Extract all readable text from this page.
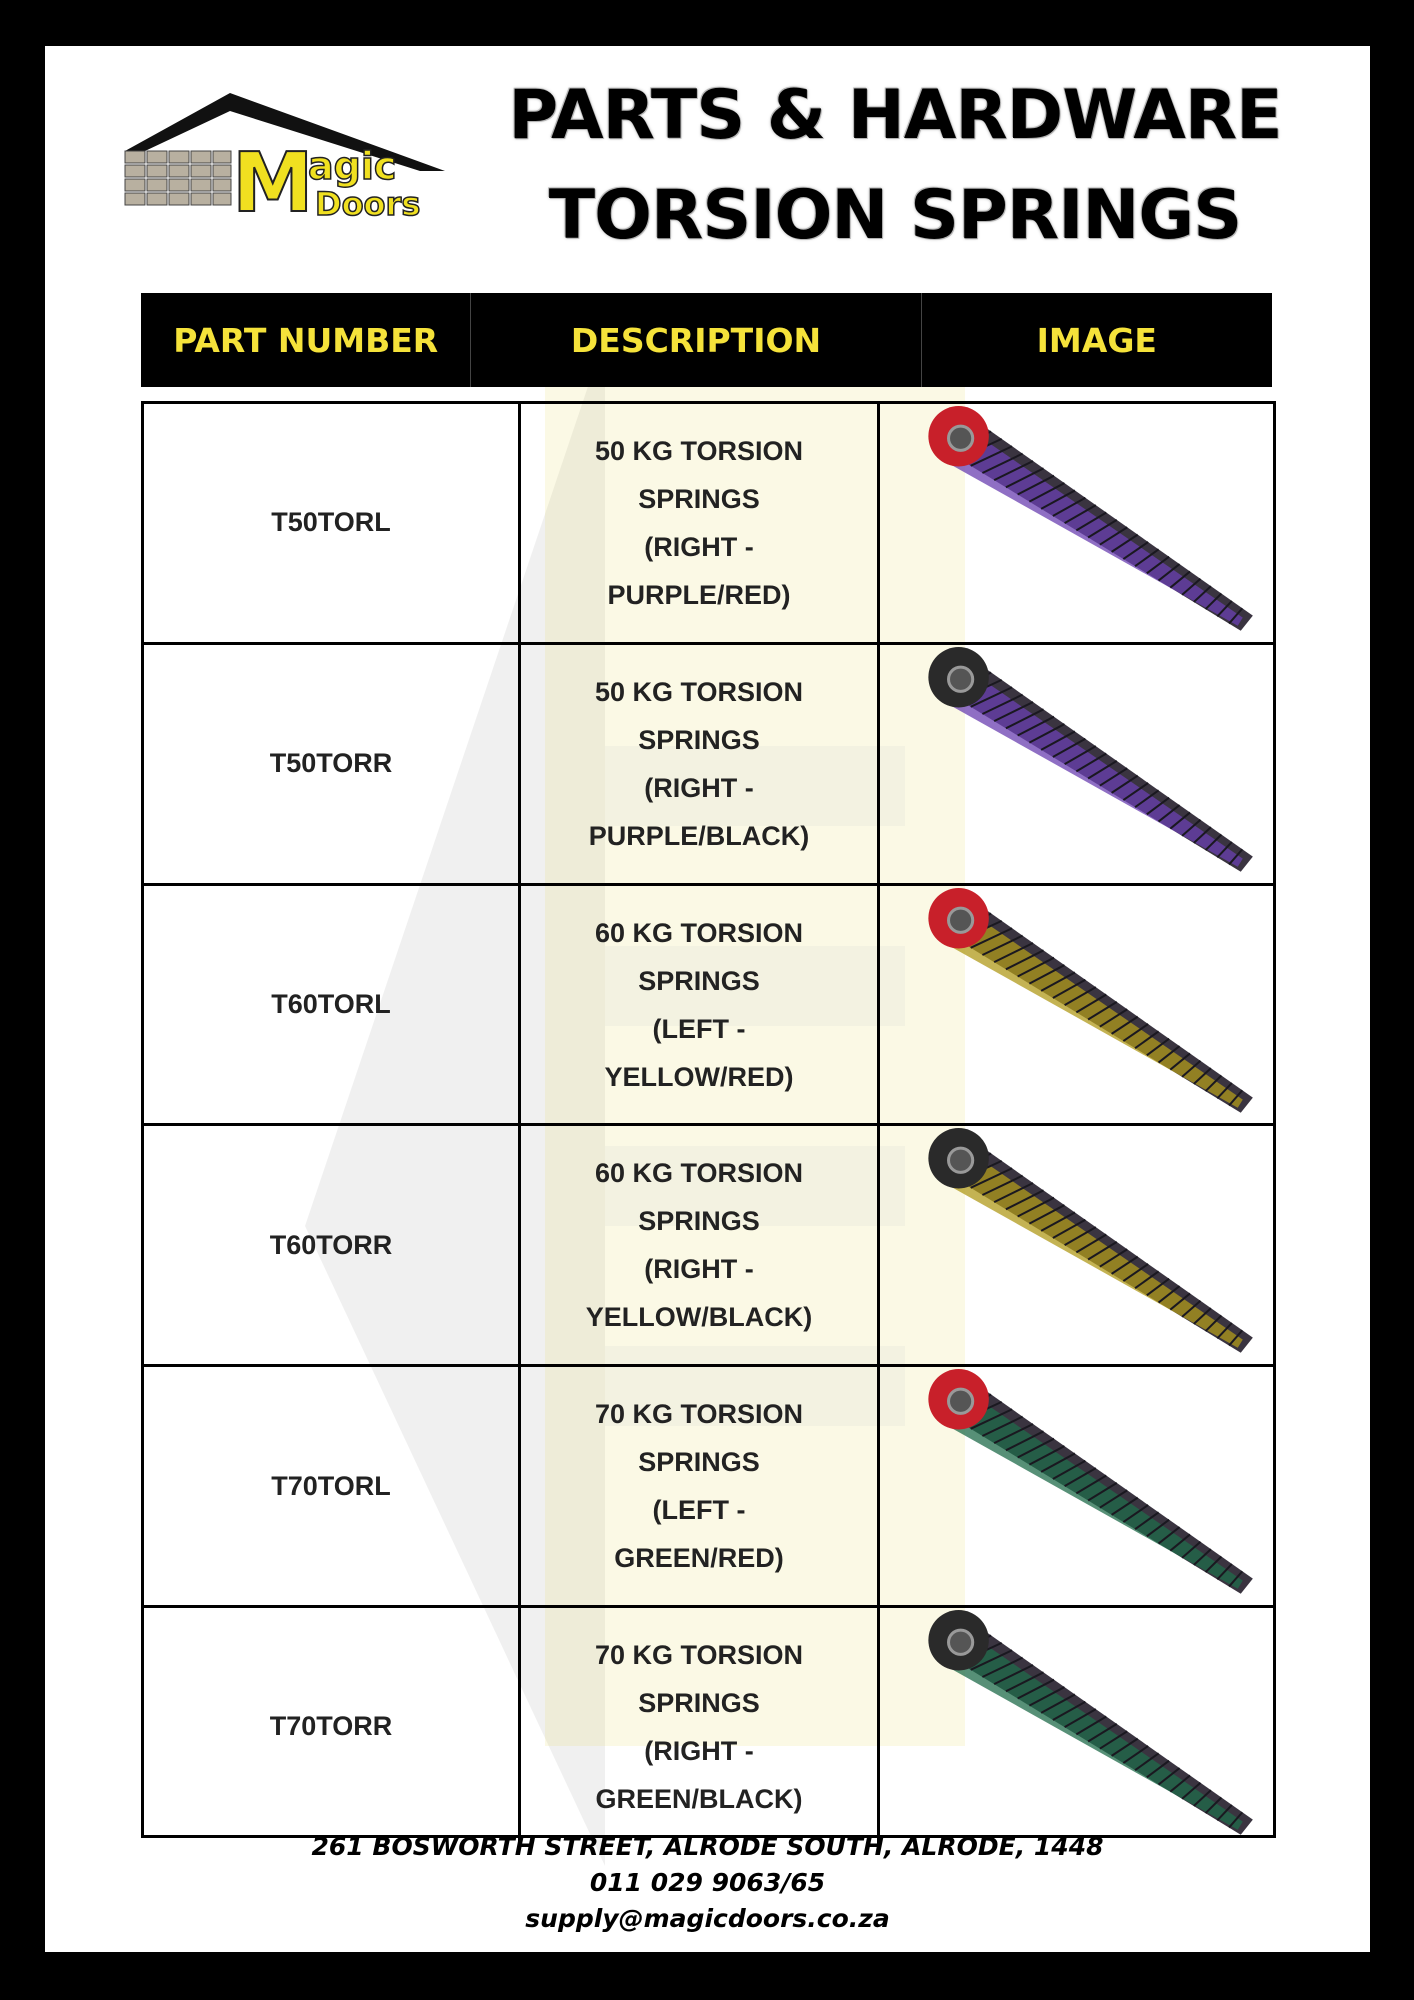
M
agic
Doors
PARTS & HARDWARE
TORSION SPRINGS
PART NUMBER	DESCRIPTION	IMAGE
T50TORL
50 KG TORSION
SPRINGS
(RIGHT -
PURPLE/RED)
T50TORR
50 KG TORSION
SPRINGS
(RIGHT -
PURPLE/BLACK)
T60TORL
60 KG TORSION
SPRINGS
(LEFT -
YELLOW/RED)
T60TORR
60 KG TORSION
SPRINGS
(RIGHT -
YELLOW/BLACK)
T70TORL
70 KG TORSION
SPRINGS
(LEFT -
GREEN/RED)
T70TORR
70 KG TORSION
SPRINGS
(RIGHT -
GREEN/BLACK)
261 BOSWORTH STREET, ALRODE SOUTH, ALRODE, 1448
011 029 9063/65
supply@magicdoors.co.za
